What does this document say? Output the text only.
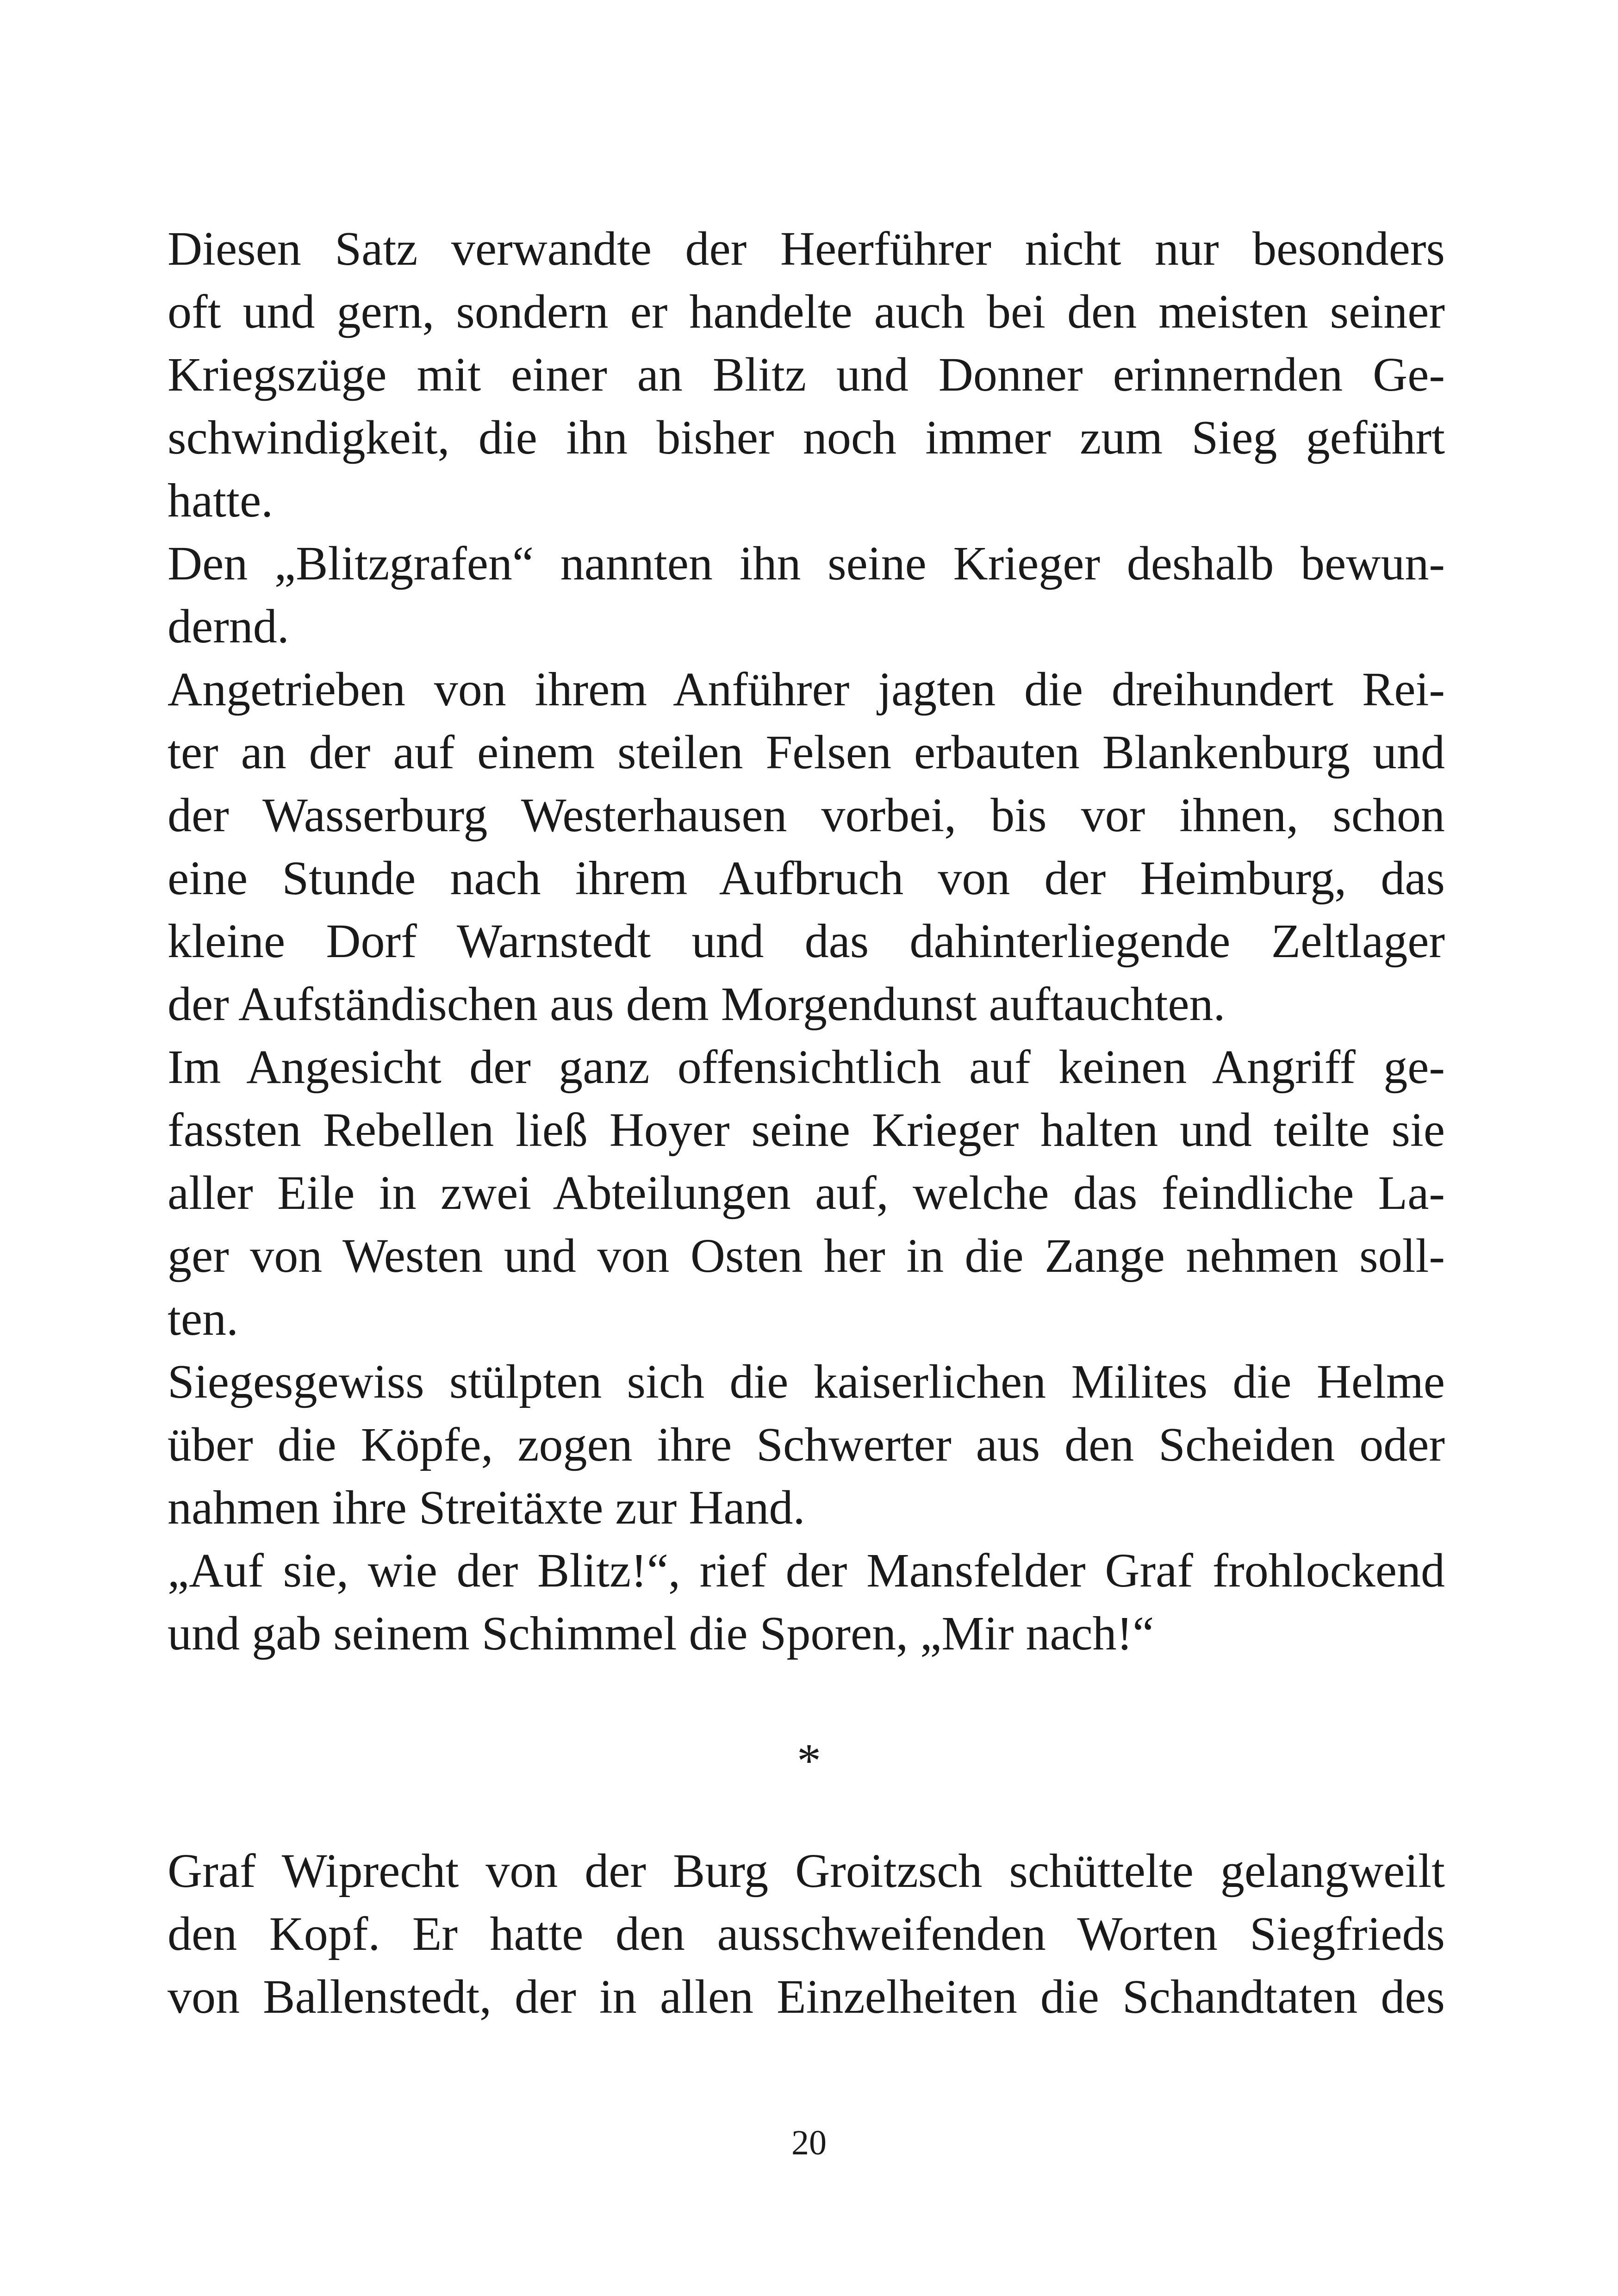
Diesen Satz verwandte der Heerführer nicht nur besonders
oft und gern, sondern er handelte auch bei den meisten seiner
Kriegszüge mit einer an Blitz und Donner erinnernden Ge-
schwindigkeit, die ihn bisher noch immer zum Sieg geführt
hatte.
Den „Blitzgrafen“ nannten ihn seine Krieger deshalb bewun-
dernd.
Angetrieben von ihrem Anführer jagten die dreihundert Rei-
ter an der auf einem steilen Felsen erbauten Blankenburg und
der Wasserburg Westerhausen vorbei, bis vor ihnen, schon
eine Stunde nach ihrem Aufbruch von der Heimburg, das
kleine Dorf Warnstedt und das dahinterliegende Zeltlager
der Aufständischen aus dem Morgendunst auftauchten.
Im Angesicht der ganz offensichtlich auf keinen Angriff ge-
fassten Rebellen ließ Hoyer seine Krieger halten und teilte sie
aller Eile in zwei Abteilungen auf, welche das feindliche La-
ger von Westen und von Osten her in die Zange nehmen soll-
ten.
Siegesgewiss stülpten sich die kaiserlichen Milites die Helme
über die Köpfe, zogen ihre Schwerter aus den Scheiden oder
nahmen ihre Streitäxte zur Hand.
„Auf sie, wie der Blitz!“, rief der Mansfelder Graf frohlockend
und gab seinem Schimmel die Sporen, „Mir nach!“
*
Graf Wiprecht von der Burg Groitzsch schüttelte gelangweilt
den Kopf. Er hatte den ausschweifenden Worten Siegfrieds
von Ballenstedt, der in allen Einzelheiten die Schandtaten des
20
